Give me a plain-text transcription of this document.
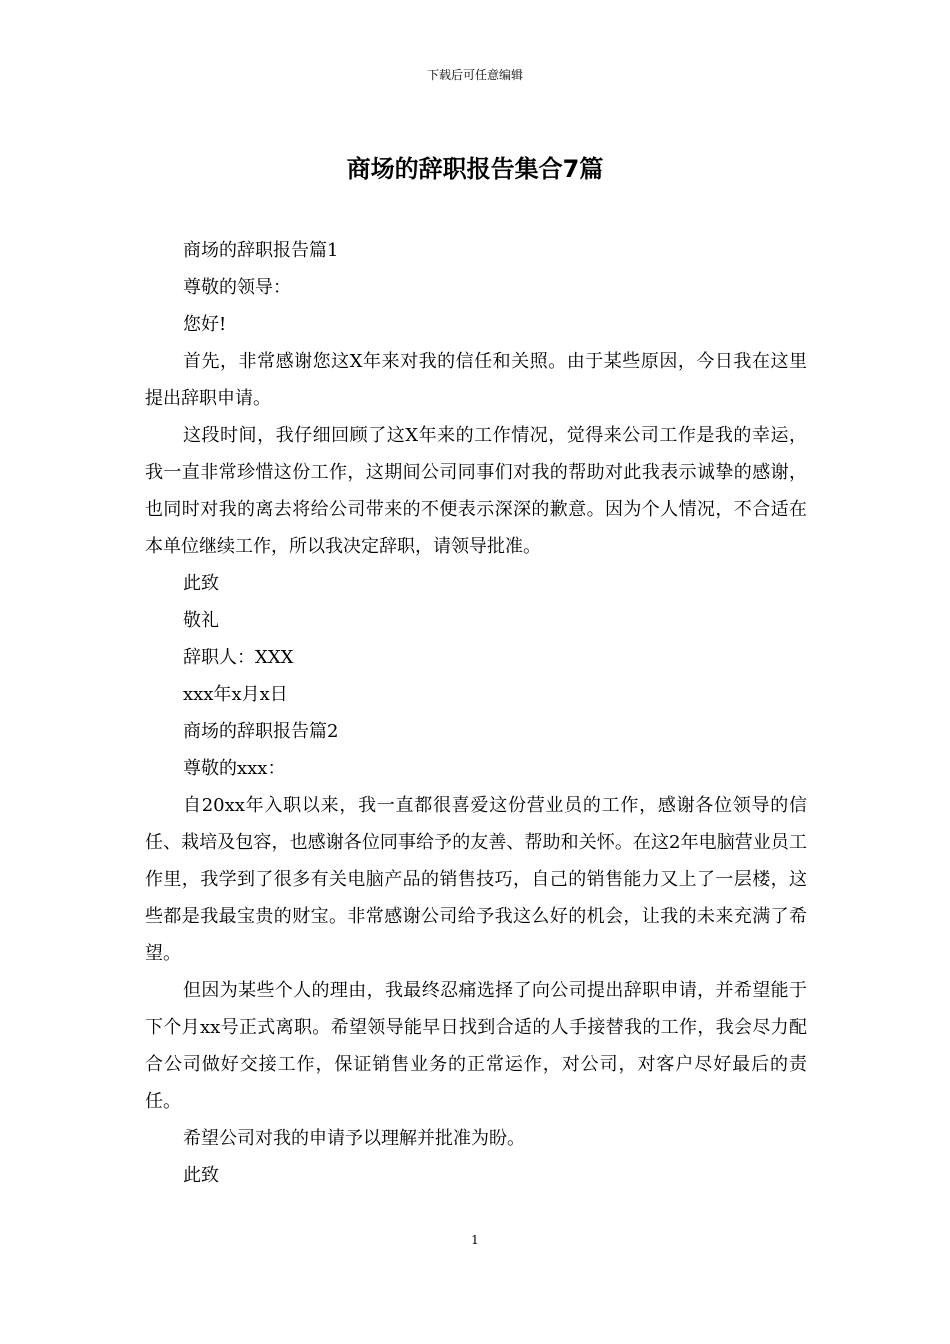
下载后可任意编辑
商场的辞职报告集合7篇

商场的辞职报告篇1

尊敬的领导：

您好!

首先，非常感谢您这X年来对我的信任和关照。由于某些原因，今日我在这里提出辞职申请。

这段时间，我仔细回顾了这X年来的工作情况，觉得来公司工作是我的幸运，我一直非常珍惜这份工作，这期间公司同事们对我的帮助对此我表示诚挚的感谢，也同时对我的离去将给公司带来的不便表示深深的歉意。因为个人情况，不合适在本单位继续工作，所以我决定辞职，请领导批准。

此致

敬礼

辞职人：XXX

xxx年x月x日

商场的辞职报告篇2

尊敬的xxx：

自20xx年入职以来，我一直都很喜爱这份营业员的工作，感谢各位领导的信任、栽培及包容，也感谢各位同事给予的友善、帮助和关怀。在这2年电脑营业员工作里，我学到了很多有关电脑产品的销售技巧，自己的销售能力又上了一层楼，这些都是我最宝贵的财宝。非常感谢公司给予我这么好的机会，让我的未来充满了希望。

但因为某些个人的理由，我最终忍痛选择了向公司提出辞职申请，并希望能于下个月xx号正式离职。希望领导能早日找到合适的人手接替我的工作，我会尽力配合公司做好交接工作，保证销售业务的正常运作，对公司，对客户尽好最后的责任。

希望公司对我的申请予以理解并批准为盼。

此致

1
